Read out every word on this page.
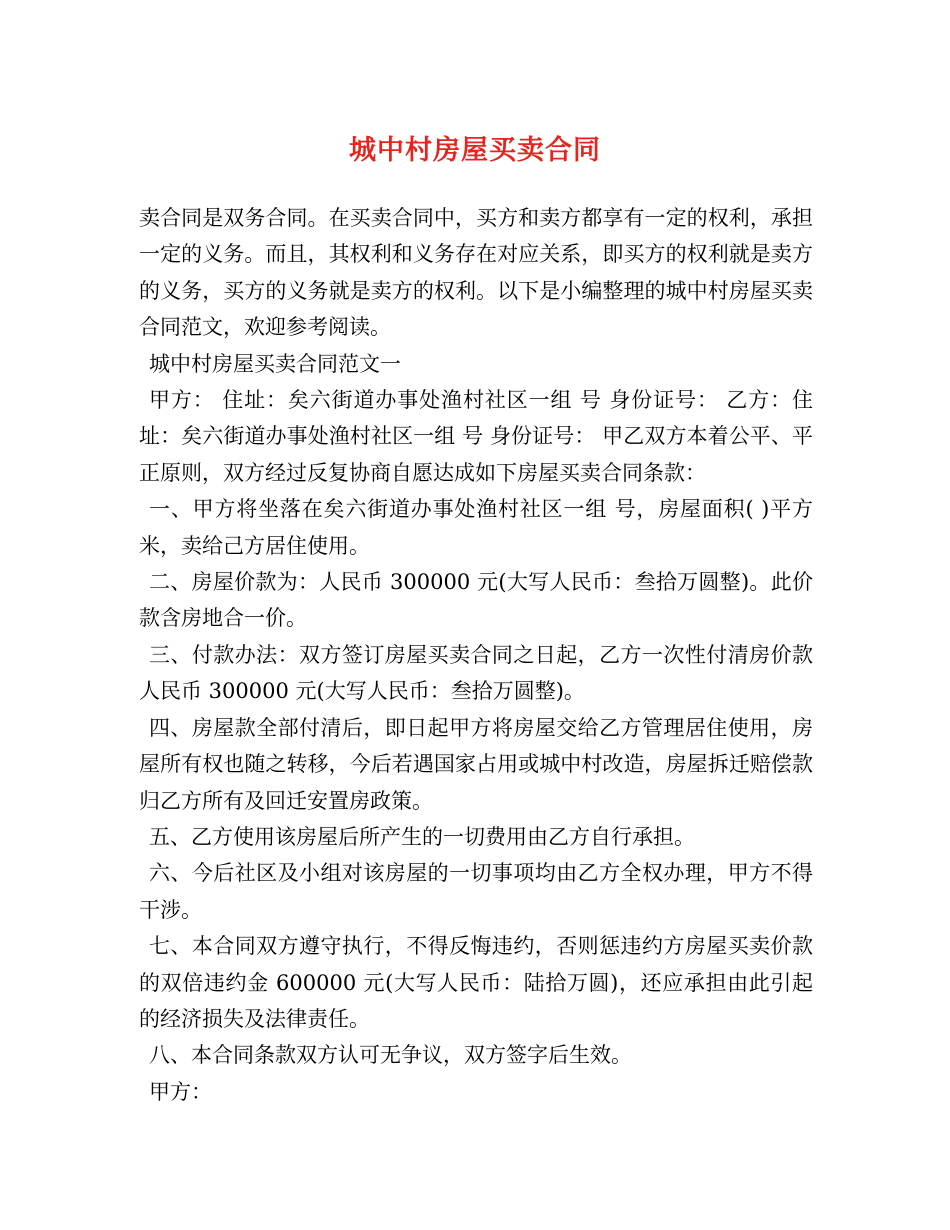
城中村房屋买卖合同

卖合同是双务合同。在买卖合同中，买方和卖方都享有一定的权利，承担一定的义务。而且，其权利和义务存在对应关系，即买方的权利就是卖方的义务，买方的义务就是卖方的权利。以下是小编整理的城中村房屋买卖合同范文，欢迎参考阅读。

城中村房屋买卖合同范文一

甲方： 住址：矣六街道办事处渔村社区一组 号 身份证号： 乙方：住址：矣六街道办事处渔村社区一组 号 身份证号： 甲乙双方本着公平、平正原则，双方经过反复协商自愿达成如下房屋买卖合同条款：

一、甲方将坐落在矣六街道办事处渔村社区一组 号，房屋面积( )平方米，卖给己方居住使用。

二、房屋价款为：人民币 300000 元(大写人民币：叁拾万圆整)。此价款含房地合一价。

三、付款办法：双方签订房屋买卖合同之日起，乙方一次性付清房价款人民币 300000 元(大写人民币：叁拾万圆整)。

四、房屋款全部付清后，即日起甲方将房屋交给乙方管理居住使用，房屋所有权也随之转移，今后若遇国家占用或城中村改造，房屋拆迁赔偿款归乙方所有及回迁安置房政策。

五、乙方使用该房屋后所产生的一切费用由乙方自行承担。

六、今后社区及小组对该房屋的一切事项均由乙方全权办理，甲方不得干涉。

七、本合同双方遵守执行，不得反悔违约，否则惩违约方房屋买卖价款的双倍违约金 600000 元(大写人民币：陆拾万圆)，还应承担由此引起的经济损失及法律责任。

八、本合同条款双方认可无争议，双方签字后生效。

甲方：
